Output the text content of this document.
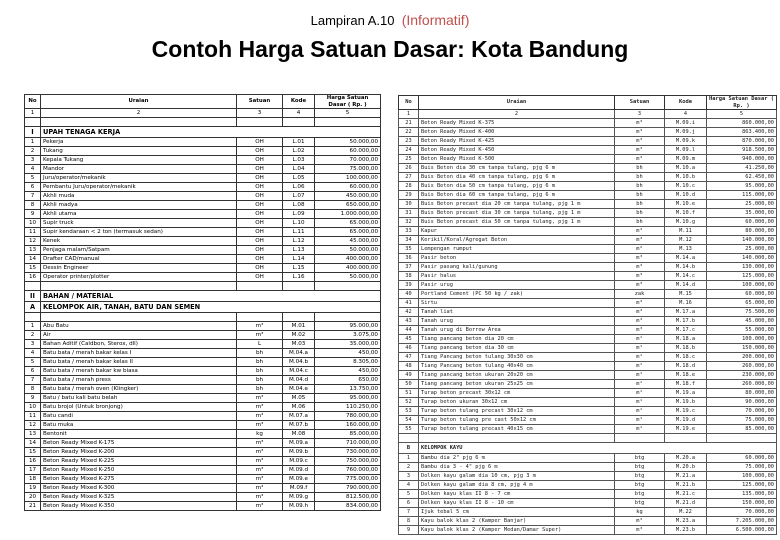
Lampiran A.10 (Informatif)
Contoh Harga Satuan Dasar: Kota Bandung
No	Uraian	Satuan	Kode	Harga Satuan Dasar ( Rp. )
1	2	3	4	5

I	UPAH TENAGA KERJA			
1	Pekerja	OH	L.01	50.000,00
2	Tukang	OH	L.02	60.000,00
3	Kepala Tukang	OH	L.03	70.000,00
4	Mandor	OH	L.04	75.000,00
5	Juru/operator/mekanik	OH	L.05	100.000,00
6	Pembantu Juru/operator/mekanik	OH	L.06	60.000,00
7	Akhli muda	OH	L.07	450.000,00
8	Akhli madya	OH	L.08	650.000,00
9	Akhli utama	OH	L.09	1.000.000,00
10	Supir truck	OH	L.10	65.000,00
11	Supir kendaraan < 2 ton (termasuk sedan)	OH	L.11	65.000,00
12	Kenek	OH	L.12	45.000,00
13	Penjaga malam/Satpam	OH	L.13	50.000,00
14	Drafter CAD/manual	OH	L.14	400.000,00
15	Dessin Engineer	OH	L.15	400.000,00
16	Operator printer/plotter	OH	L.16	50.000,00

II	BAHAN / MATERIAL			
A	KELOMPOK AIR, TANAH, BATU DAN SEMEN			

1	Abu Batu	m³	M.01	95.000,00
2	Air	m³	M.02	3.075,00
3	Bahan Aditif (Caldbon, Sterox, dll)	L	M.03	35.000,00
4	Batu bata / merah bakar kelas I	bh	M.04.a	450,00
5	Batu bata / merah bakar kelas II	bh	M.04.b	8.305,00
6	Batu bata / merah bakar kw biasa	bh	M.04.c	450,00
7	Batu bata / merah press	bh	M.04.d	650,00
8	Batu bata / merah oven (Klingker)	bh	M.04.e	13.750,00
9	Batu / batu kali batu belah	m³	M.05	95.000,00
10	Batu brojol (Untuk bronjong)	m³	M.06	110.250,00
11	Batu candi	m³	M.07.a	780.000,00
12	Batu muka	m³	M.07.b	160.000,00
13	Bentonit	kg	M.08	85.000,00
14	Beton Ready Mixed K-175	m³	M.09.a	710.000,00
15	Beton Ready Mixed K-200	m³	M.09.b	730.000,00
16	Beton Ready Mixed K-225	m³	M.09.c	750.000,00
17	Beton Ready Mixed K-250	m³	M.09.d	760.000,00
18	Beton Ready Mixed K-275	m³	M.09.e	775.000,00
19	Beton Ready Mixed K-300	m³	M.09.f	790.000,00
20	Beton Ready Mixed K-325	m³	M.09.g	812.500,00
21	Beton Ready Mixed K-350	m³	M.09.h	834.000,00
No	Uraian	Satuan	Kode	Harga Satuan Dasar ( Rp. )
1	2	3	4	5
21	Beton Ready Mixed K-375	m³	M.09.i	860.000,00
22	Beton Ready Mixed K-400	m³	M.09.j	863.400,00
23	Beton Ready Mixed K-425	m³	M.09.k	870.000,00
24	Beton Ready Mixed K-450	m³	M.09.l	918.500,00
25	Beton Ready Mixed K-500	m³	M.09.m	940.000,00
26	Buis Beton dia 30 cm tanpa tulang, pjg 6 m	bh	M.10.a	41.250,00
27	Buis Beton dia 40 cm tanpa tulang, pjg 6 m	bh	M.10.b	62.450,00
28	Buis Beton dia 50 cm tanpa tulang, pjg 6 m	bh	M.10.c	95.000,00
29	Buis Beton dia 60 cm tanpa tulang, pjg 6 m	bh	M.10.d	115.000,00
30	Buis Beton precast dia 20 cm tanpa tulang, pjg 1 m	bh	M.10.e	25.000,00
31	Buis Beton precast dia 30 cm tanpa tulang, pjg 1 m	bh	M.10.f	35.000,00
32	Buis Beton precast dia 50 cm tanpa tulang, pjg 1 m	bh	M.10.g	60.000,00
33	Kapur	m³	M.11	80.000,00
34	Kerikil/Koral/Agregat Beton	m³	M.12	140.000,00
35	Lempengan rumput	m²	M.13	25.000,00
36	Pasir beton	m³	M.14.a	140.000,00
37	Pasir pasang kali/gunung	m³	M.14.b	130.000,00
38	Pasir halus	m³	M.14.c	125.000,00
39	Pasir urug	m³	M.14.d	100.000,00
40	Portland Cement (PC 50 kg / zak)	zak	M.15	60.000,00
41	Sirtu	m³	M.16	65.000,00
42	Tanah liat	m³	M.17.a	75.500,00
43	Tanah urug	m³	M.17.b	45.000,00
44	Tanah urug di Borrow Area	m³	M.17.c	55.000,00
45	Tiang pancang beton dia 20 cm	m¹	M.18.a	100.000,00
46	Tiang pancang beton dia 30 cm	m¹	M.18.b	150.000,00
47	Tiang Pancang beton tulang 30x30 cm	m¹	M.18.c	200.000,00
48	Tiang Pancang beton tulang 40x40 cm	m¹	M.18.d	260.000,00
49	Tiang pancang beton ukuran 20x20 cm	m¹	M.18.e	230.000,00
50	Tiang pancang beton ukuran 25x25 cm	m¹	M.18.f	260.000,00
51	Turap beton precast 30x12 cm	m¹	M.19.a	80.000,00
52	Turap beton ukuran 30x12 cm	m¹	M.19.b	90.000,00
53	Turap beton tulang precast 30x12 cm	m¹	M.19.c	70.000,00
54	Turap beton tulang pre cast 50x12 cm	m¹	M.19.d	75.000,00
55	Turap beton tulang precast 40x15 cm	m¹	M.19.e	85.000,00

B	KELOMPOK KAYU			
1	Bambu dia 2" pjg 6 m	btg	M.20.a	60.000,00
2	Bambu dia 3 - 4" pjg 6 m	btg	M.20.b	75.000,00
3	Dolken kayu galam dia 10 cm, pjg 3 m	btg	M.21.a	100.000,00
4	Dolken kayu galam dia 8 cm, pjg 4 m	btg	M.21.b	125.000,00
5	Dolken kayu klas II 8 - 7 cm	btg	M.21.c	135.000,00
6	Dolken kayu klas II 8 - 10 cm	btg	M.21.d	150.000,00
7	Ijuk tebal 5 cm	kg	M.22	70.000,00
8	Kayu balok klas 2 (Kamper Banjar)	m³	M.23.a	7.205.000,00
9	Kayu balok klas 2 (Kamper Medan/Damar Super)	m³	M.23.b	6.500.000,00
